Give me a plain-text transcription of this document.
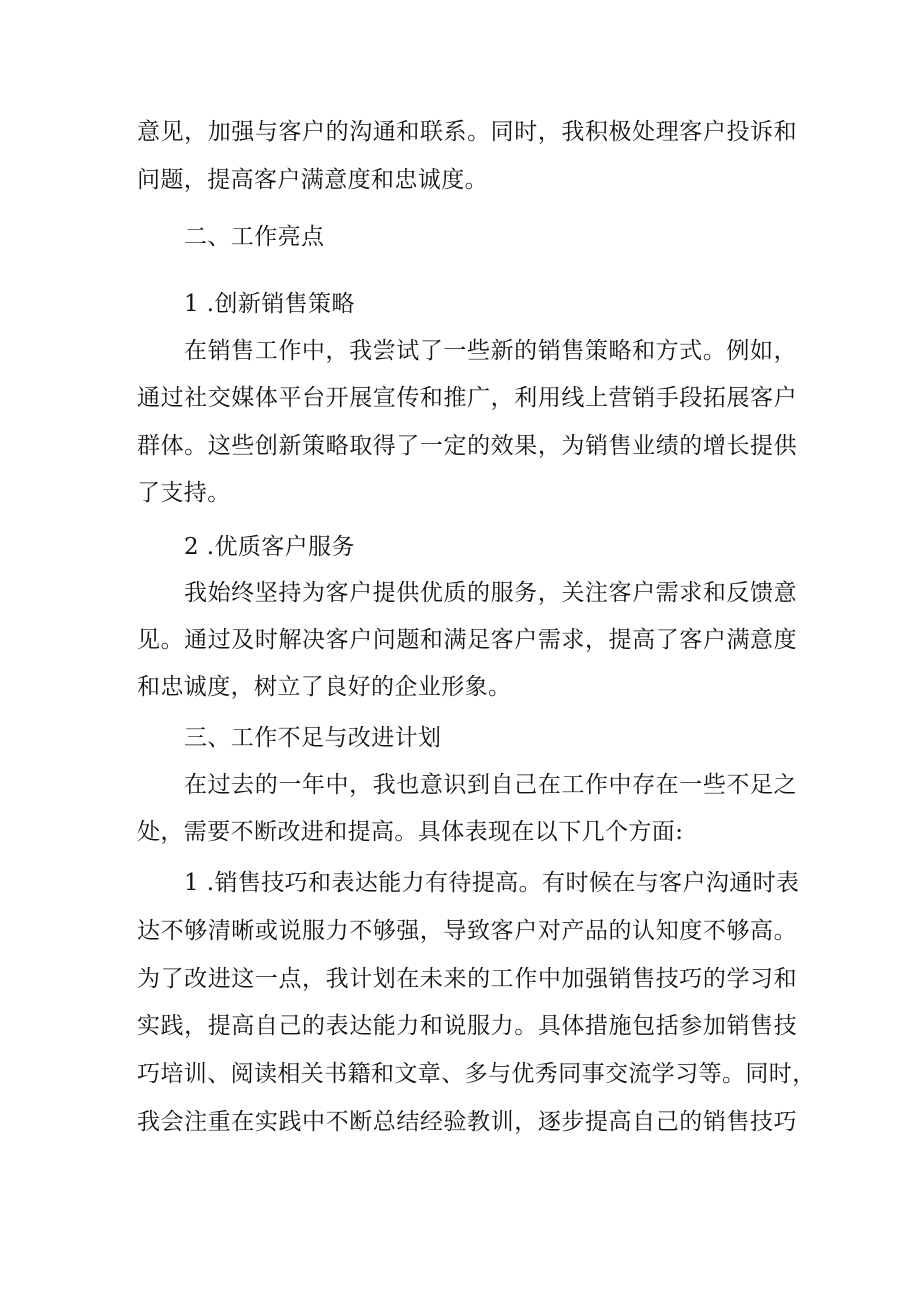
意见，加强与客户的沟通和联系。同时，我积极处理客户投诉和
问题，提高客户满意度和忠诚度。
二、工作亮点
1 .创新销售策略
在销售工作中，我尝试了一些新的销售策略和方式。例如，
通过社交媒体平台开展宣传和推广，利用线上营销手段拓展客户
群体。这些创新策略取得了一定的效果，为销售业绩的增长提供
了支持。
2 .优质客户服务
我始终坚持为客户提供优质的服务，关注客户需求和反馈意
见。通过及时解决客户问题和满足客户需求，提高了客户满意度
和忠诚度，树立了良好的企业形象。
三、工作不足与改进计划
在过去的一年中，我也意识到自己在工作中存在一些不足之
处，需要不断改进和提高。具体表现在以下几个方面:
1 .销售技巧和表达能力有待提高。有时候在与客户沟通时表
达不够清晰或说服力不够强，导致客户对产品的认知度不够高。
为了改进这一点，我计划在未来的工作中加强销售技巧的学习和
实践，提高自己的表达能力和说服力。具体措施包括参加销售技
巧培训、阅读相关书籍和文章、多与优秀同事交流学习等。同时，
我会注重在实践中不断总结经验教训，逐步提高自己的销售技巧
